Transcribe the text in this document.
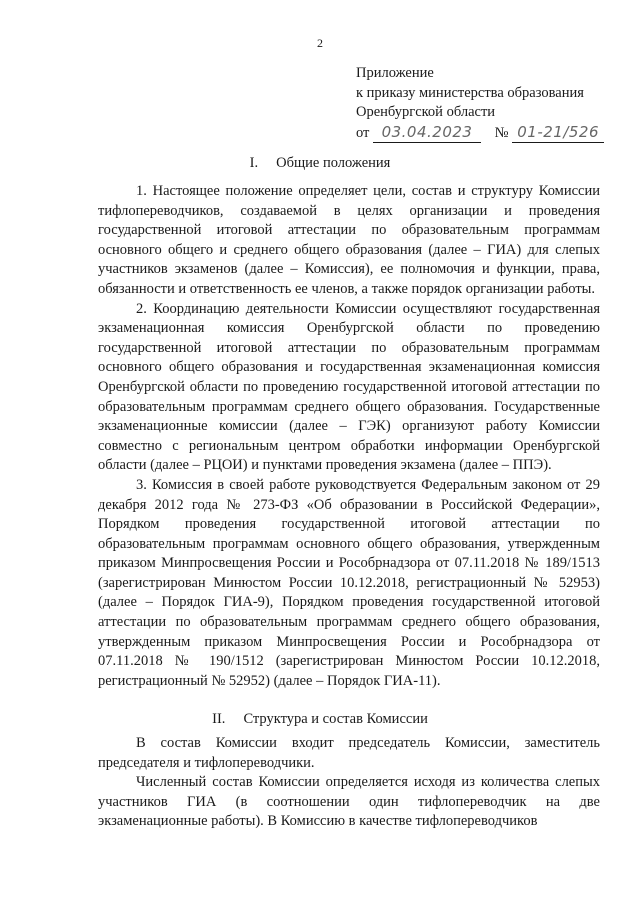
2
Приложение
к приказу министерства образования
Оренбургской области
от 03.04.2023 № 01-21/526
I. Общие положения

1. Настоящее положение определяет цели, состав и структуру Комиссии тифлопереводчиков, создаваемой в целях организации и проведения государственной итоговой аттестации по образовательным программам основного общего и среднего общего образования (далее – ГИА) для слепых участников экзаменов (далее – Комиссия), ее полномочия и функции, права, обязанности и ответственность ее членов, а также порядок организации работы.

2. Координацию деятельности Комиссии осуществляют государственная экзаменационная комиссия Оренбургской области по проведению государственной итоговой аттестации по образовательным программам основного общего образования и государственная экзаменационная комиссия Оренбургской области по проведению государственной итоговой аттестации по образовательным программам среднего общего образования. Государственные экзаменационные комиссии (далее – ГЭК) организуют работу Комиссии совместно с региональным центром обработки информации Оренбургской области (далее – РЦОИ) и пунктами проведения экзамена (далее – ППЭ).

3. Комиссия в своей работе руководствуется Федеральным законом от 29 декабря 2012 года № 273-ФЗ «Об образовании в Российской Федерации», Порядком проведения государственной итоговой аттестации по образовательным программам основного общего образования, утвержденным приказом Минпросвещения России и Рособрнадзора от 07.11.2018 № 189/1513 (зарегистрирован Минюстом России 10.12.2018, регистрационный № 52953) (далее – Порядок ГИА-9), Порядком проведения государственной итоговой аттестации по образовательным программам среднего общего образования, утвержденным приказом Минпросвещения России и Рособрнадзора от 07.11.2018 № 190/1512 (зарегистрирован Минюстом России 10.12.2018, регистрационный № 52952) (далее – Порядок ГИА-11).

II. Структура и состав Комиссии

В состав Комиссии входит председатель Комиссии, заместитель председателя и тифлопереводчики.

Численный состав Комиссии определяется исходя из количества слепых участников ГИА (в соотношении один тифлопереводчик на две экзаменационные работы). В Комиссию в качестве тифлопереводчиков
